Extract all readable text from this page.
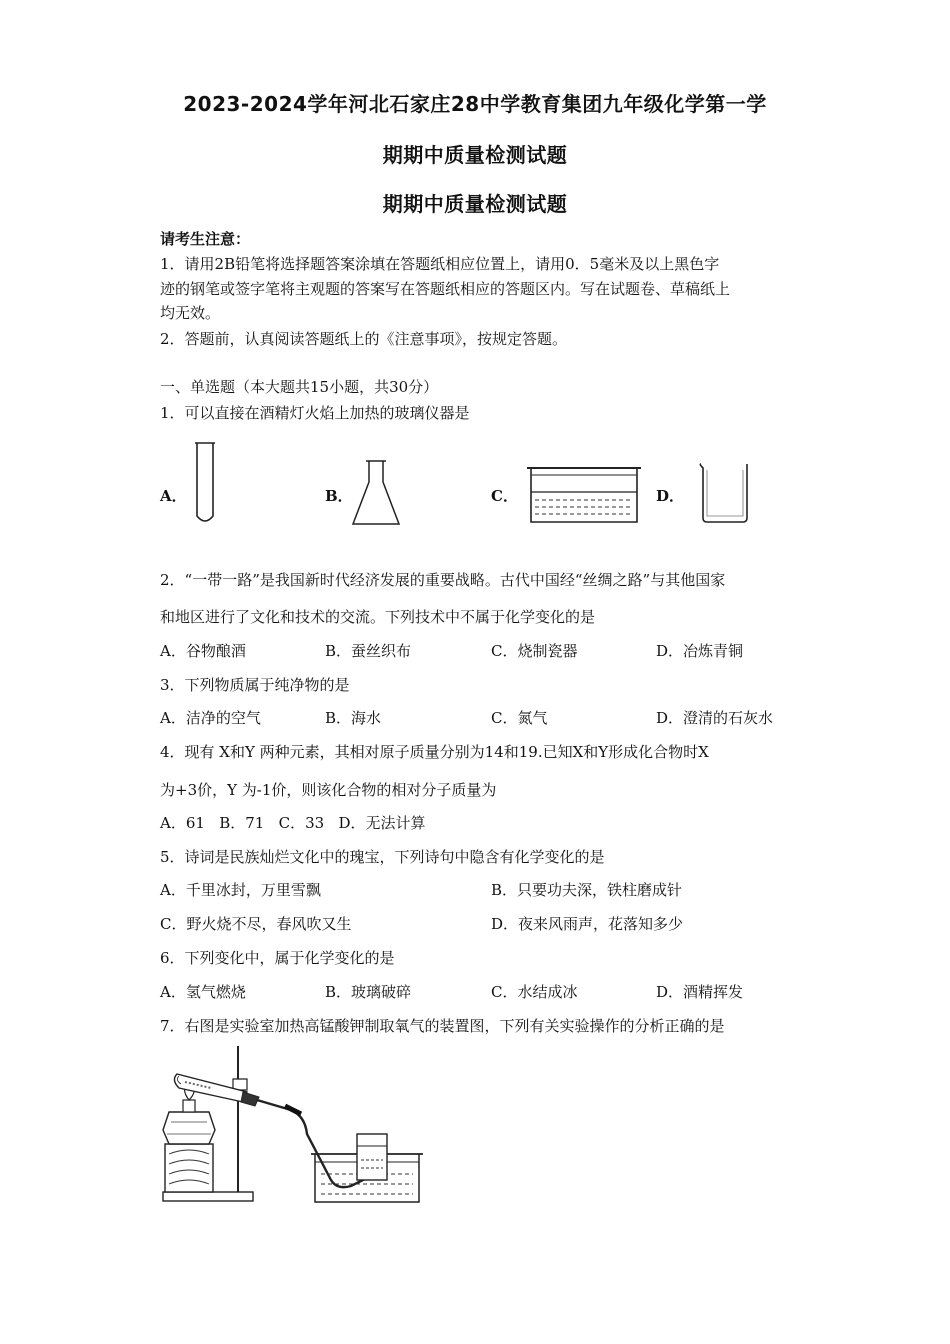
2023-2024学年河北石家庄28中学教育集团九年级化学第一学
期期中质量检测试题
期期中质量检测试题
请考生注意：
1．请用2B铅笔将选择题答案涂填在答题纸相应位置上，请用0．5毫米及以上黑色字
迹的钢笔或签字笔将主观题的答案写在答题纸相应的答题区内。写在试题卷、草稿纸上
均无效。
2．答题前，认真阅读答题纸上的《注意事项》，按规定答题。
一、单选题（本大题共15小题，共30分）
1．可以直接在酒精灯火焰上加热的玻璃仪器是
A．	B．	C．	D．
2．“一带一路”是我国新时代经济发展的重要战略。古代中国经“丝绸之路”与其他国家
和地区进行了文化和技术的交流。下列技术中不属于化学变化的是
A．谷物酿酒	B．蚕丝织布	C．烧制瓷器	D．冶炼青铜
3．下列物质属于纯净物的是
A．洁净的空气	B．海水	C．氮气	D．澄清的石灰水
4．现有 X和Y 两种元素，其相对原子质量分别为14和19.已知X和Y形成化合物时X
为+3价，Y 为-1价，则该化合物的相对分子质量为
A．61   B．71   C．33   D．无法计算
5．诗词是民族灿烂文化中的瑰宝，下列诗句中隐含有化学变化的是
A．千里冰封，万里雪飘	B．只要功夫深，铁柱磨成针
C．野火烧不尽，春风吹又生	D．夜来风雨声，花落知多少
6．下列变化中，属于化学变化的是
A．氢气燃烧	B．玻璃破碎	C．水结成冰	D．酒精挥发
7．右图是实验室加热高锰酸钾制取氧气的装置图，下列有关实验操作的分析正确的是
